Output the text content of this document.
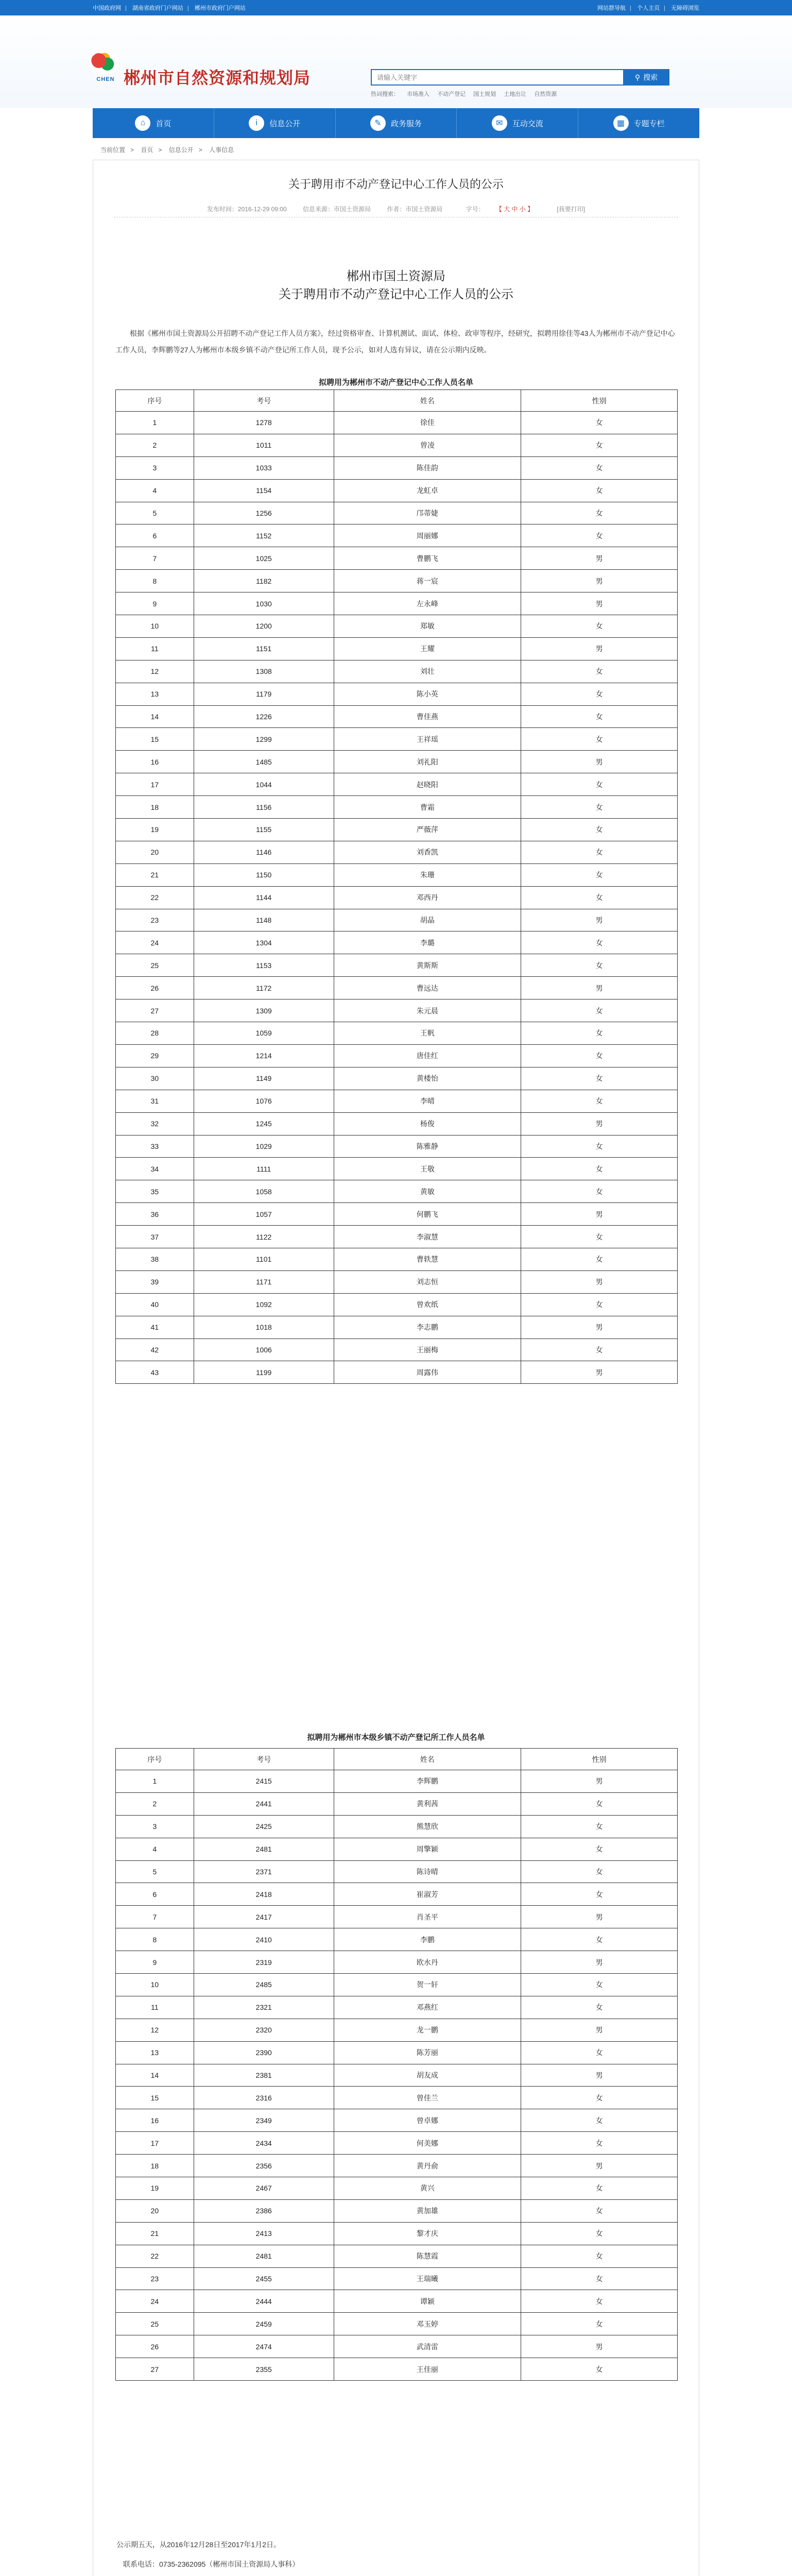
中国政府网 | 湖南省政府门户网站 | 郴州市政府门户网站	网站群导航 | 个人主页 | 无障碍浏览
CHEN 郴州市自然资源和规划局
请输入关键字	⚲ 搜索
热词搜索： 市场准入 不动产登记 国土规划 土地出让 自然资源
⌂	首页	i	信息公开	✎	政务服务	✉	互动交流	▦	专题专栏
当前位置 > 首页 > 信息公开 > 人事信息
关于聘用市不动产登记中心工作人员的公示
发布时间：2016-12-29 09:00	信息来源：市国土资源局	作者：市国土资源局	字号： 【 大 中 小 】	[我要打印]
郴州市国土资源局
关于聘用市不动产登记中心工作人员的公示
根据《郴州市国土资源局公开招聘不动产登记工作人员方案》，经过资格审查、计算机测试、面试、体检、政审等程序，经研究，拟聘用徐佳等43人为郴州市不动产登记中心工作人员，李辉鹏等27人为郴州市本级乡镇不动产登记所工作人员，现予公示，如对人选有异议，请在公示期内反映。
拟聘用为郴州市不动产登记中心工作人员名单
序号	考号	姓名	性别
1	1278	徐佳	女
2	1011	曾凌	女
3	1033	陈佳韵	女
4	1154	龙虹卓	女
5	1256	邝蒂婕	女
6	1152	周丽娜	女
7	1025	曹鹏飞	男
8	1182	蒋一宸	男
9	1030	左永峰	男
10	1200	郑敏	女
11	1151	王耀	男
12	1308	刘壮	女
13	1179	陈小英	女
14	1226	曹佳燕	女
15	1299	王祥瑶	女
16	1485	刘礼阳	男
17	1044	赵晓阳	女
18	1156	曹霜	女
19	1155	严薇萍	女
20	1146	刘香凯	女
21	1150	朱珊	女
22	1144	邓西丹	女
23	1148	胡晶	男
24	1304	李璐	女
25	1153	黄斯斯	女
26	1172	曹远达	男
27	1309	朱元晨	女
28	1059	王帆	女
29	1214	唐佳红	女
30	1149	黄楼怡	女
31	1076	李晴	女
32	1245	杨俊	男
33	1029	陈雅静	女
34	1111	王敬	女
35	1058	黄敏	女
36	1057	何鹏飞	男
37	1122	李淑慧	女
38	1101	曹轶慧	女
39	1171	刘志恒	男
40	1092	曾欢纸	女
41	1018	李志鹏	男
42	1006	王丽梅	女
43	1199	周露伟	男
拟聘用为郴州市本级乡镇不动产登记所工作人员名单
序号	考号	姓名	性别
1	2415	李辉鹏	男
2	2441	黄利茜	女
3	2425	熊慧欣	女
4	2481	周擎颖	女
5	2371	陈诗晴	女
6	2418	崔淑芳	女
7	2417	肖圣平	男
8	2410	李鹏	女
9	2319	欧水丹	男
10	2485	贺一轩	女
11	2321	邓燕红	女
12	2320	龙一鹏	男
13	2390	陈芳丽	女
14	2381	胡友成	男
15	2316	曾佳兰	女
16	2349	曾卓娜	女
17	2434	何美娜	女
18	2356	黄丹俞	男
19	2467	黄兴	女
20	2386	黄加雄	女
21	2413	黎才庆	女
22	2481	陈慧霞	女
23	2455	王瑞曦	女
24	2444	谭颖	女
25	2459	邓玉婷	女
26	2474	武清雷	男
27	2355	王佳丽	女
公示期五天，从2016年12月28日至2017年1月2日。
联系电话：0735-2362095（郴州市国土资源局人事科）
